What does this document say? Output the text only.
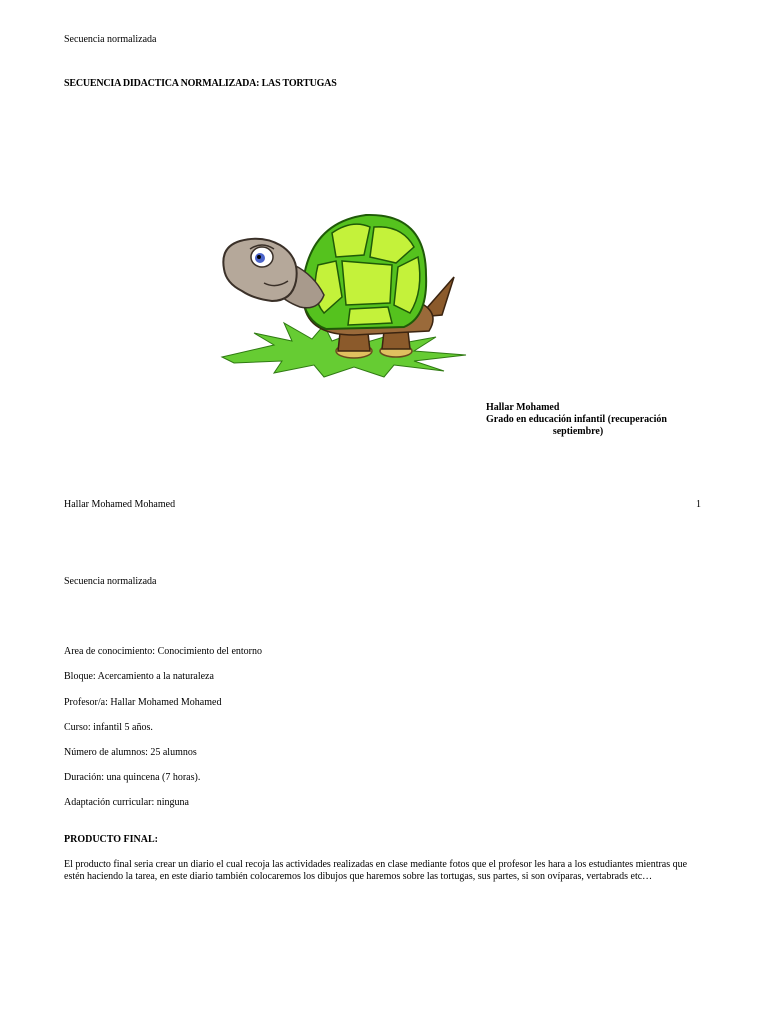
Secuencia normalizada
SECUENCIA DIDACTICA NORMALIZADA: LAS TORTUGAS
Hallar Mohamed
Grado en educación infantil (recuperación
septiembre)
Hallar Mohamed Mohamed	1
Secuencia normalizada
Area de conocimiento: Conocimiento del entorno
Bloque: Acercamiento a la naturaleza
Profesor/a: Hallar Mohamed Mohamed
Curso: infantil 5 años.
Número de alumnos: 25 alumnos
Duración: una quincena (7 horas).
Adaptación curricular: ninguna
PRODUCTO FINAL:
El producto final seria crear un diario el cual recoja las actividades realizadas en clase mediante fotos que el profesor les hara a los estudiantes mientras que estén haciendo la tarea, en este diario también colocaremos los dibujos que haremos sobre las tortugas, sus partes, si son ovíparas, vertabrads etc…
